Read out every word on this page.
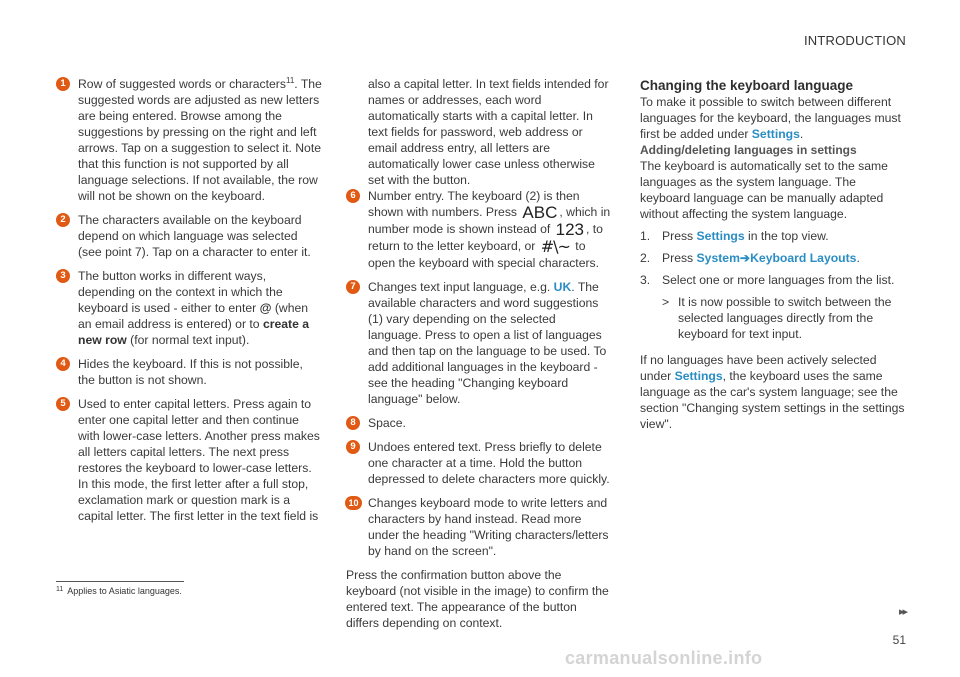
INTRODUCTION
1	Row of suggested words or characters$^{11}$. The suggested words are adjusted as new letters are being entered. Browse among the suggestions by pressing on the right and left arrows. Tap on a suggestion to select it. Note that this function is not supported by all language selections. If not available, the row will not be shown on the keyboard.

2	The characters available on the keyboard depend on which language was selected (see point 7). Tap on a character to enter it.

3	The button works in different ways, depending on the context in which the keyboard is used - either to enter @ (when an email address is entered) or to create a new row (for normal text input).

4	Hides the keyboard. If this is not possible, the button is not shown.

5	Used to enter capital letters. Press again to enter one capital letter and then continue with lower-case letters. Another press makes all letters capital letters. The next press restores the keyboard to lower-case letters. In this mode, the first letter after a full stop, exclamation mark or question mark is a capital letter. The first letter in the text field is

also a capital letter. In text fields intended for names or addresses, each word automatically starts with a capital letter. In text fields for password, web address or email address entry, all letters are automatically lower case unless otherwise set with the button.

6	Number entry. The keyboard (2) is then shown with numbers. Press ABC , which in number mode is shown instead of 123 , to return to the letter keyboard, or #\~ to open the keyboard with special characters.

7	Changes text input language, e.g. UK. The available characters and word suggestions (1) vary depending on the selected language. Press to open a list of languages and then tap on the language to be used. To add additional languages in the keyboard - see the heading "Changing keyboard language" below.

8	Space.

9	Undoes entered text. Press briefly to delete one character at a time. Hold the button depressed to delete characters more quickly.

10 Changes keyboard mode to write letters and characters by hand instead. Read more under the heading "Writing characters/letters by hand on the screen".

Press the confirmation button above the keyboard (not visible in the image) to confirm the entered text. The appearance of the button differs depending on context.

Changing the keyboard language

To make it possible to switch between different languages for the keyboard, the languages must first be added under Settings.

Adding/deleting languages in settings

The keyboard is automatically set to the same languages as the system language. The keyboard language can be manually adapted without affecting the system language.

1. Press Settings in the top view.
2. Press System➔Keyboard Layouts.
3. Select one or more languages from the list.
> It is now possible to switch between the selected languages directly from the keyboard for text input.

If no languages have been actively selected under Settings, the keyboard uses the same language as the car's system language; see the section "Changing system settings in the settings view".

$^{11}$ Applies to Asiatic languages.
▸▸
51
carmanualsonline.info
